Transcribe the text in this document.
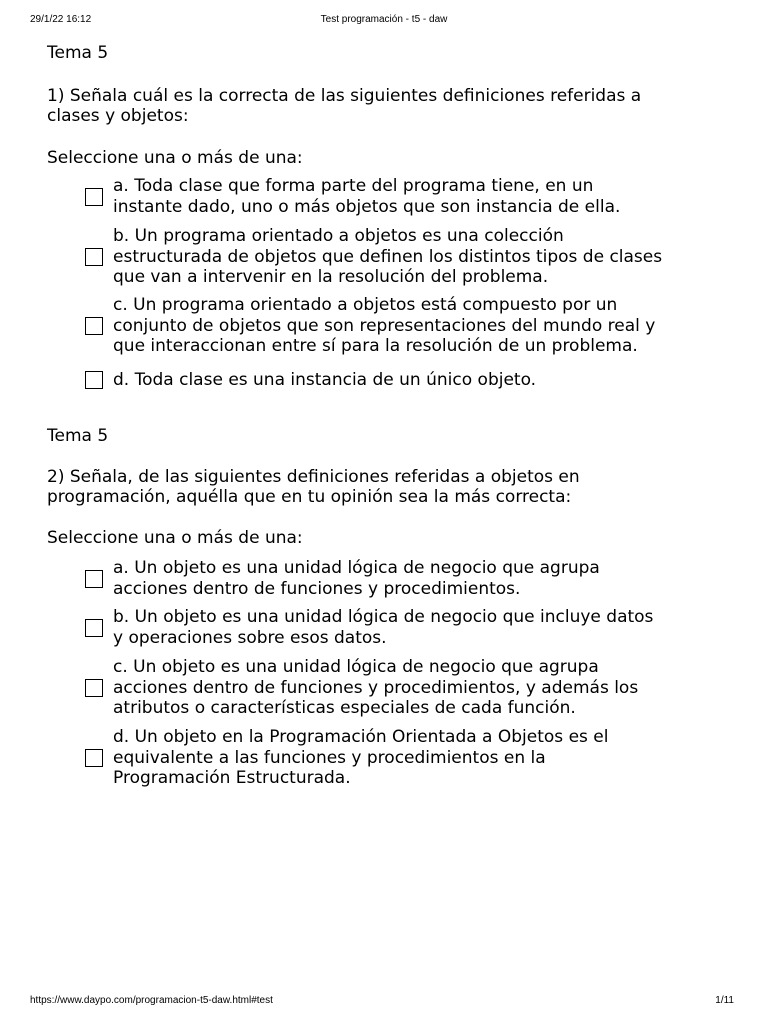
29/1/22 16:12	Test programación - t5 - daw

Tema 5

1) Señala cuál es la correcta de las siguientes definiciones referidas a
clases y objetos:

Seleccione una o más de una:

a. Toda clase que forma parte del programa tiene, en un
instante dado, uno o más objetos que son instancia de ella.
b. Un programa orientado a objetos es una colección
estructurada de objetos que definen los distintos tipos de clases
que van a intervenir en la resolución del problema.
c. Un programa orientado a objetos está compuesto por un
conjunto de objetos que son representaciones del mundo real y
que interaccionan entre sí para la resolución de un problema.
d. Toda clase es una instancia de un único objeto.

Tema 5

2) Señala, de las siguientes definiciones referidas a objetos en
programación, aquélla que en tu opinión sea la más correcta:

Seleccione una o más de una:

a. Un objeto es una unidad lógica de negocio que agrupa
acciones dentro de funciones y procedimientos.
b. Un objeto es una unidad lógica de negocio que incluye datos
y operaciones sobre esos datos.
c. Un objeto es una unidad lógica de negocio que agrupa
acciones dentro de funciones y procedimientos, y además los
atributos o características especiales de cada función.
d. Un objeto en la Programación Orientada a Objetos es el
equivalente a las funciones y procedimientos en la
Programación Estructurada.
https://www.daypo.com/programacion-t5-daw.html#test	1/11
